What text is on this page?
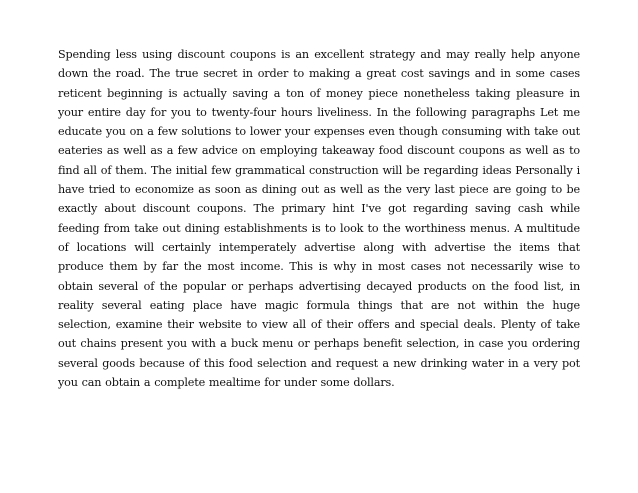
Spending less using discount coupons is an excellent strategy and may really help anyone down the road. The true secret in order to making a great cost savings and in some cases reticent beginning is actually saving a ton of money piece nonetheless taking pleasure in your entire day for you to twenty-four hours liveliness. In the following paragraphs Let me educate you on a few solutions to lower your expenses even though consuming with take out eateries as well as a few advice on employing takeaway food discount coupons as well as to find all of them. The initial few grammatical construction will be regarding ideas Personally i have tried to economize as soon as dining out as well as the very last piece are going to be exactly about discount coupons. The primary hint I've got regarding saving cash while feeding from take out dining establishments is to look to the worthiness menus. A multitude of locations will certainly intemperately advertise along with advertise the items that produce them by far the most income. This is why in most cases not necessarily wise to obtain several of the popular or perhaps advertising decayed products on the food list, in reality several eating place have magic formula things that are not within the huge selection, examine their website to view all of their offers and special deals. Plenty of take out chains present you with a buck menu or perhaps benefit selection, in case you ordering several goods because of this food selection and request a new drinking water in a very pot you can obtain a complete mealtime for under some dollars.
